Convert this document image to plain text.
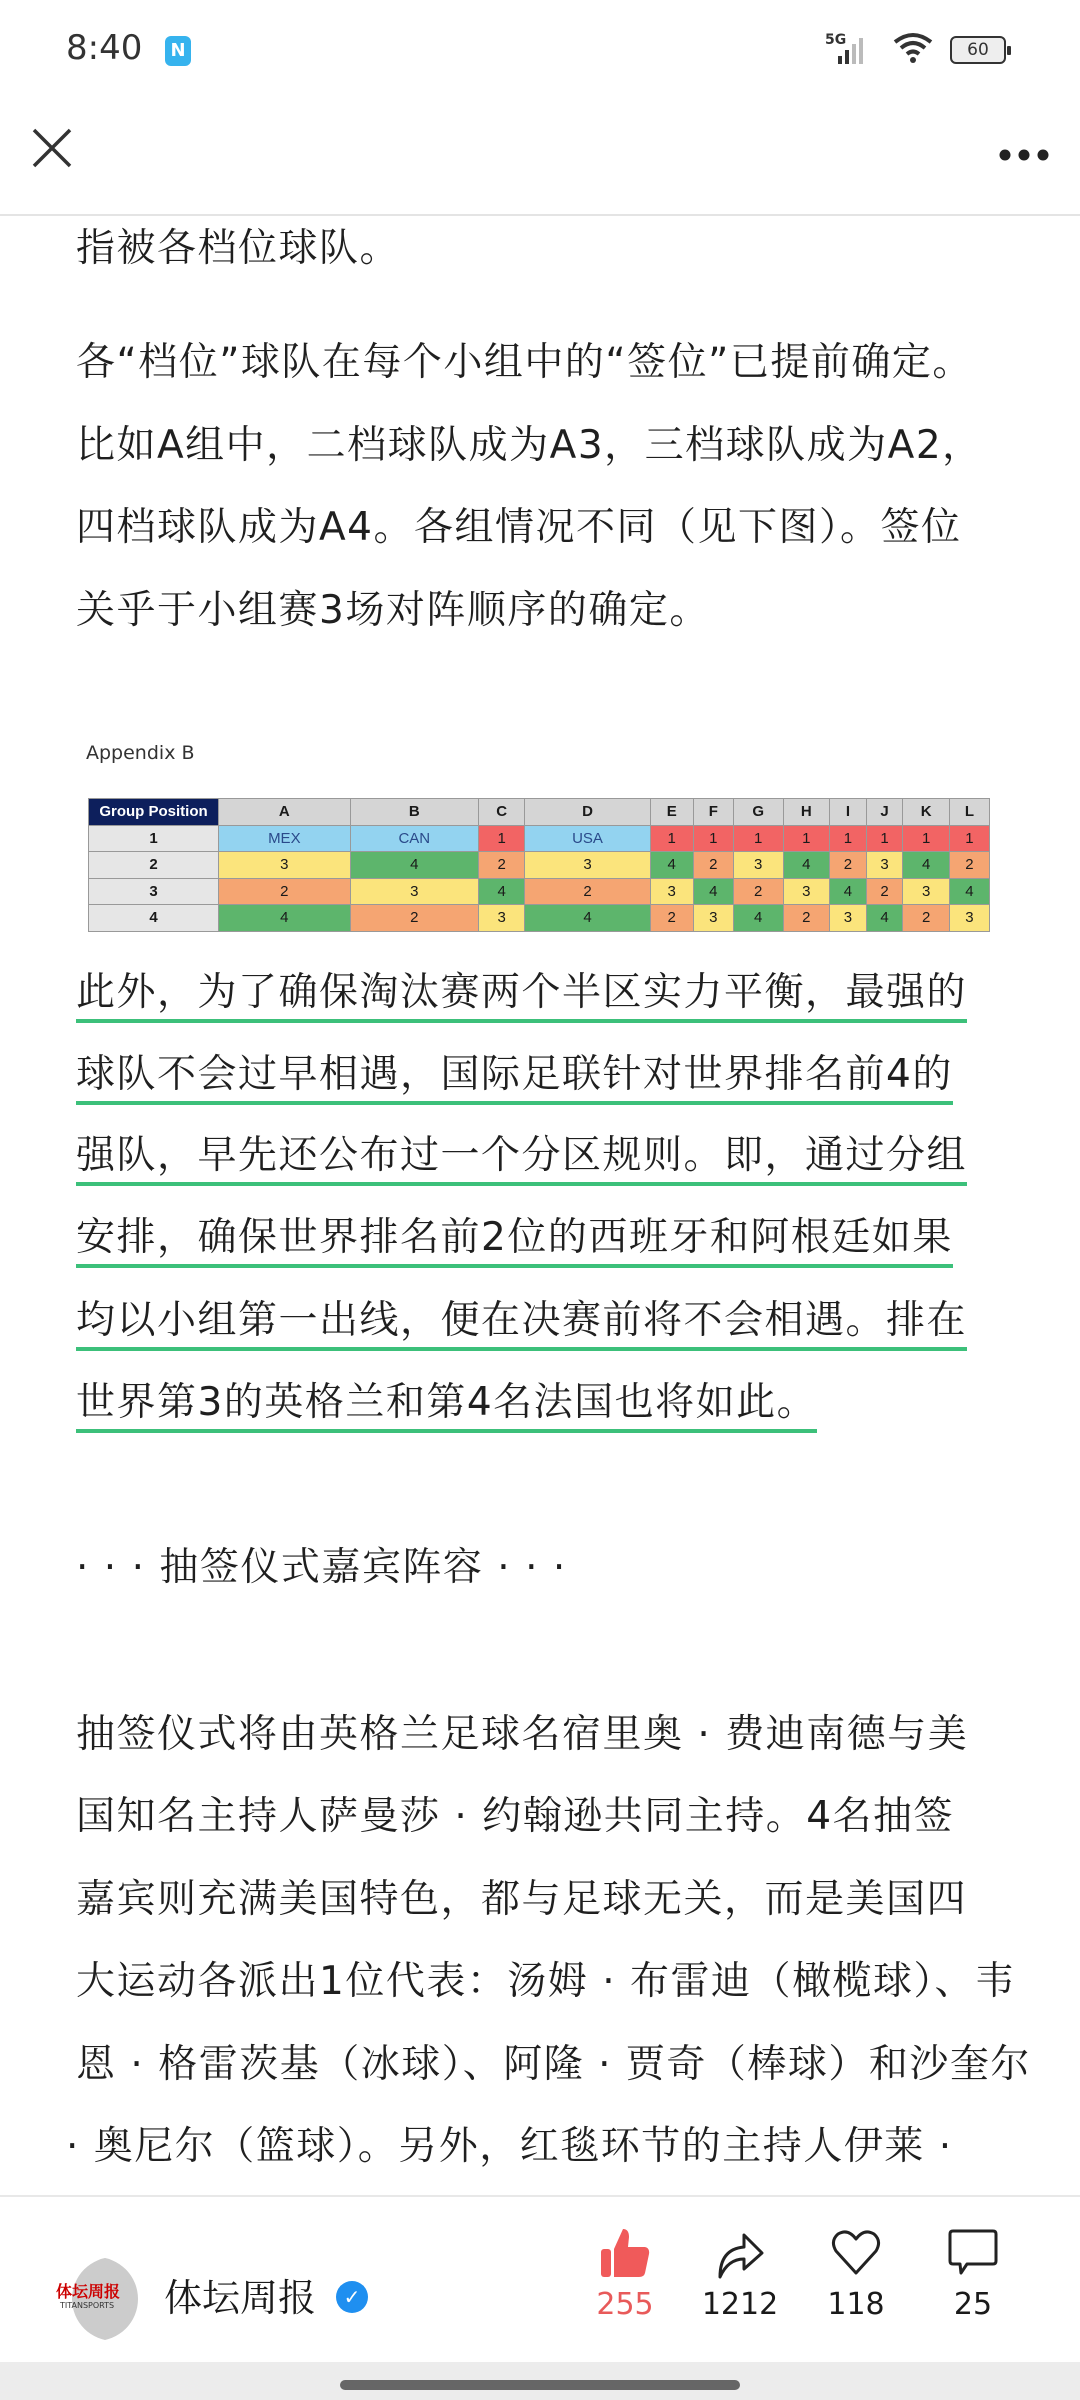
8:40	N	5G	60
指被各档位球队。
各“档位”球队在每个小组中的“签位”已提前确定。
比如A组中，二档球队成为A3，三档球队成为A2，
四档球队成为A4。各组情况不同（见下图）。签位
关乎于小组赛3场对阵顺序的确定。
Appendix B
Group Position	A	B	C	D	E	F	G	H	I	J	K	L
1	MEX	CAN	1	USA	1	1	1	1	1	1	1	1
2	3	4	2	3	4	2	3	4	2	3	4	2
3	2	3	4	2	3	4	2	3	4	2	3	4
4	4	2	3	4	2	3	4	2	3	4	2	3
此外，为了确保淘汰赛两个半区实力平衡，最强的
球队不会过早相遇，国际足联针对世界排名前4的
强队，早先还公布过一个分区规则。即，通过分组
安排，确保世界排名前2位的西班牙和阿根廷如果
均以小组第一出线，便在决赛前将不会相遇。排在
世界第3的英格兰和第4名法国也将如此。
· · · 抽签仪式嘉宾阵容 · · ·
抽签仪式将由英格兰足球名宿里奥 · 费迪南德与美
国知名主持人萨曼莎 · 约翰逊共同主持。4名抽签
嘉宾则充满美国特色，都与足球无关，而是美国四
大运动各派出1位代表：汤姆 · 布雷迪（橄榄球）、韦
恩 · 格雷茨基（冰球）、阿隆 · 贾奇（棒球）和沙奎尔
· 奥尼尔（篮球）。另外，红毯环节的主持人伊莱 ·
体坛周报
TITANSPORTS 体坛周报	✓	255	1212	118	25
